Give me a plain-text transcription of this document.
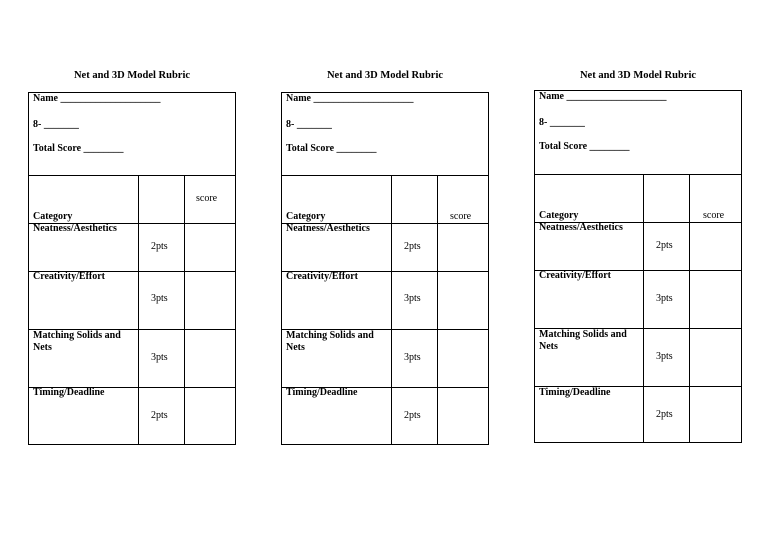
Net and 3D Model Rubric
Name ____________________
8- _______
Total Score ________
score
Category
Neatness/Aesthetics
2pts
Creativity/Effort
3pts
Matching Solids and Nets
3pts
Timing/Deadline
2pts
Net and 3D Model Rubric
Name ____________________
8- _______
Total Score ________
score
Category
Neatness/Aesthetics
2pts
Creativity/Effort
3pts
Matching Solids and Nets
3pts
Timing/Deadline
2pts
Net and 3D Model Rubric
Name ____________________
8- _______
Total Score ________
score
Category
Neatness/Aesthetics
2pts
Creativity/Effort
3pts
Matching Solids and Nets
3pts
Timing/Deadline
2pts
